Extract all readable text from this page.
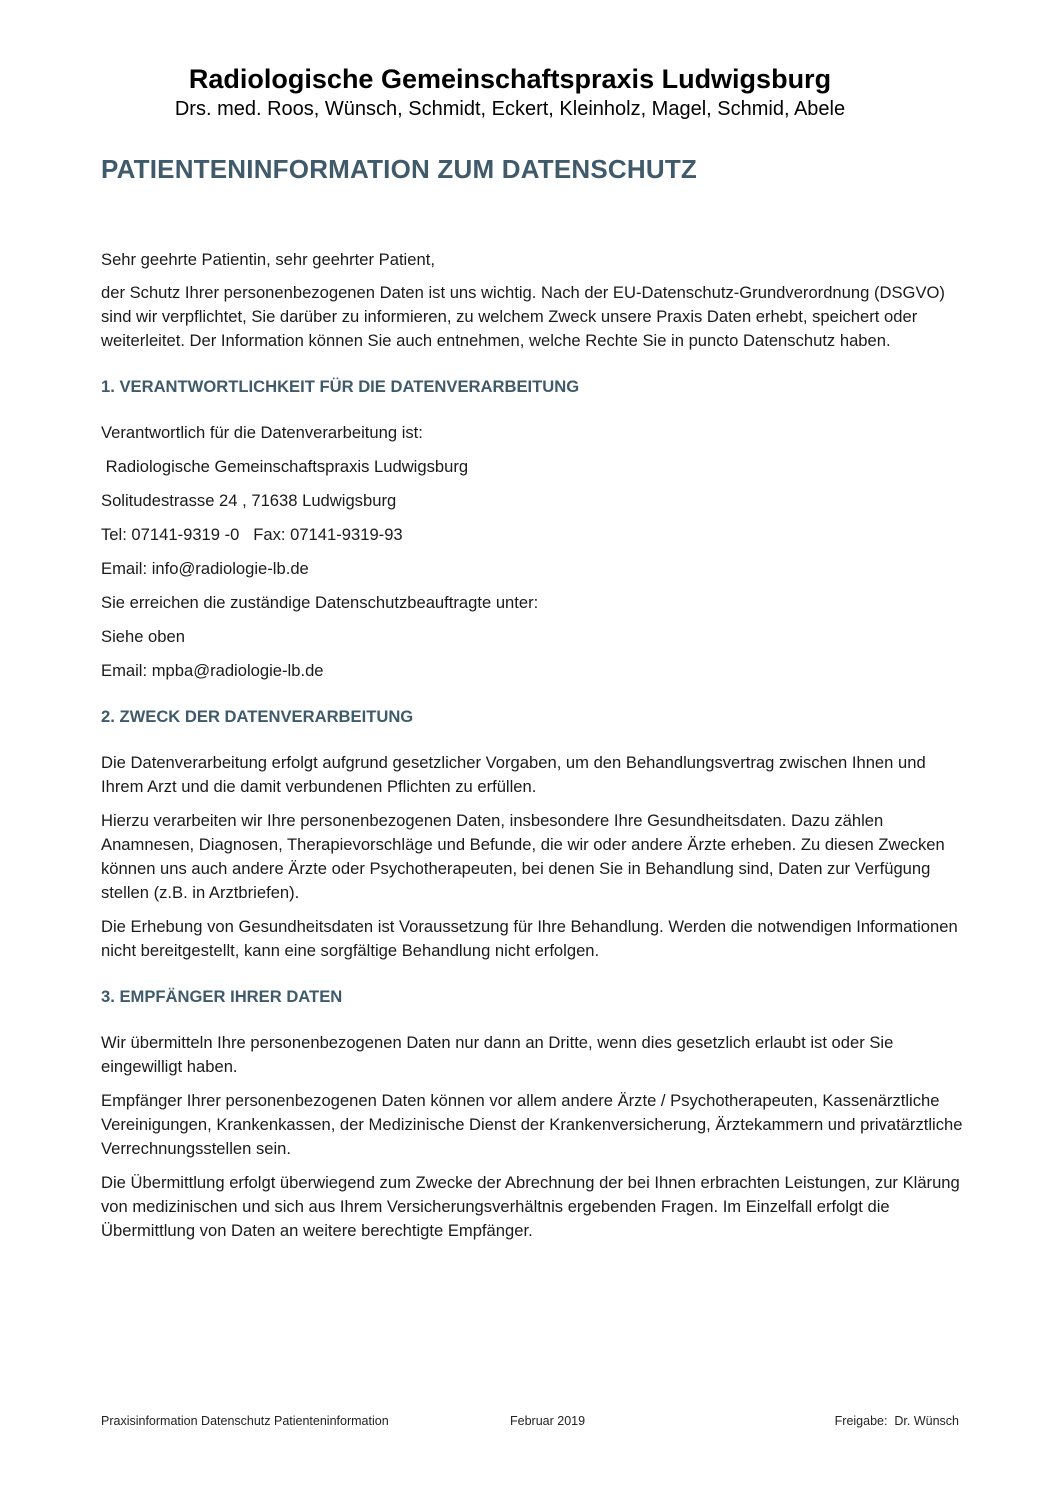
Radiologische Gemeinschaftspraxis Ludwigsburg
Drs. med. Roos, Wünsch, Schmidt, Eckert, Kleinholz, Magel, Schmid, Abele
PATIENTENINFORMATION ZUM DATENSCHUTZ

Sehr geehrte Patientin, sehr geehrter Patient,

der Schutz Ihrer personenbezogenen Daten ist uns wichtig. Nach der EU-Datenschutz-Grundverordnung (DSGVO) sind wir verpflichtet, Sie darüber zu informieren, zu welchem Zweck unsere Praxis Daten erhebt, speichert oder weiterleitet. Der Information können Sie auch entnehmen, welche Rechte Sie in puncto Datenschutz haben.

1. VERANTWORTLICHKEIT FÜR DIE DATENVERARBEITUNG

Verantwortlich für die Datenverarbeitung ist:

Radiologische Gemeinschaftspraxis Ludwigsburg

Solitudestrasse 24 , 71638 Ludwigsburg

Tel: 07141-9319 -0   Fax: 07141-9319-93

Email: info@radiologie-lb.de

Sie erreichen die zuständige Datenschutzbeauftragte unter:

Siehe oben

Email: mpba@radiologie-lb.de

2. ZWECK DER DATENVERARBEITUNG

Die Datenverarbeitung erfolgt aufgrund gesetzlicher Vorgaben, um den Behandlungsvertrag zwischen Ihnen und Ihrem Arzt und die damit verbundenen Pflichten zu erfüllen.

Hierzu verarbeiten wir Ihre personenbezogenen Daten, insbesondere Ihre Gesundheitsdaten. Dazu zählen Anamnesen, Diagnosen, Therapievorschläge und Befunde, die wir oder andere Ärzte erheben. Zu diesen Zwecken können uns auch andere Ärzte oder Psychotherapeuten, bei denen Sie in Behandlung sind, Daten zur Verfügung stellen (z.B. in Arztbriefen).

Die Erhebung von Gesundheitsdaten ist Voraussetzung für Ihre Behandlung. Werden die notwendigen Informationen nicht bereitgestellt, kann eine sorgfältige Behandlung nicht erfolgen.

3. EMPFÄNGER IHRER DATEN

Wir übermitteln Ihre personenbezogenen Daten nur dann an Dritte, wenn dies gesetzlich erlaubt ist oder Sie eingewilligt haben.

Empfänger Ihrer personenbezogenen Daten können vor allem andere Ärzte / Psychotherapeuten, Kassenärztliche Vereinigungen, Krankenkassen, der Medizinische Dienst der Krankenversicherung, Ärztekammern und privatärztliche Verrechnungsstellen sein.

Die Übermittlung erfolgt überwiegend zum Zwecke der Abrechnung der bei Ihnen erbrachten Leistungen, zur Klärung von medizinischen und sich aus Ihrem Versicherungsverhältnis ergebenden Fragen. Im Einzelfall erfolgt die Übermittlung von Daten an weitere berechtigte Empfänger.

Praxisinformation Datenschutz Patienteninformation	Februar 2019	Freigabe:  Dr. Wünsch
